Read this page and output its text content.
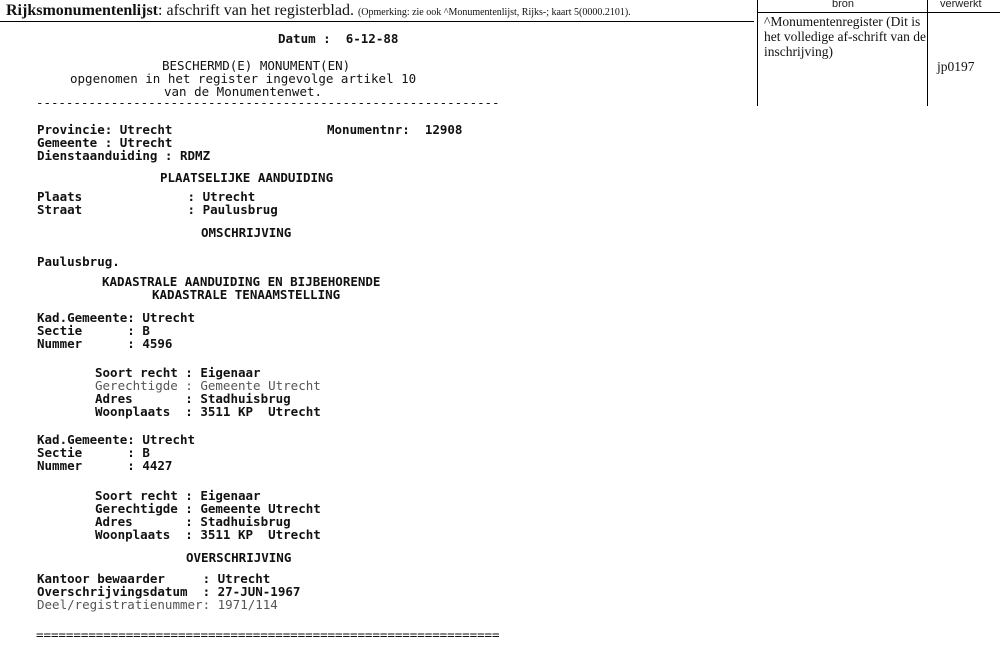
Rijksmonumentenlijst: afschrift van het registerblad. (Opmerking: zie ook ^Monumentenlijst, Rijks-; kaart 5(0000.2101).
bron	verwerkt
^Monumentenregister (Dit is het volledige af-schrift van de inschrijving)
jp0197
Datum :  6-12-88
BESCHERMD(E) MONUMENT(EN)
opgenomen in het register ingevolge artikel 10
van de Monumentenwet.
--------------------------------------------------------------
Provincie: Utrecht	Monumentnr:  12908
Gemeente : Utrecht
Dienstaanduiding : RDMZ
PLAATSELIJKE AANDUIDING
Plaats              : Utrecht
Straat              : Paulusbrug
OMSCHRIJVING
Paulusbrug.
KADASTRALE AANDUIDING EN BIJBEHORENDE
KADASTRALE TENAAMSTELLING
Kad.Gemeente: Utrecht
Sectie      : B
Nummer      : 4596
Soort recht : Eigenaar
Gerechtigde : Gemeente Utrecht
Adres       : Stadhuisbrug
Woonplaats  : 3511 KP  Utrecht
Kad.Gemeente: Utrecht
Sectie      : B
Nummer      : 4427
Soort recht : Eigenaar
Gerechtigde : Gemeente Utrecht
Adres       : Stadhuisbrug
Woonplaats  : 3511 KP  Utrecht
OVERSCHRIJVING
Kantoor bewaarder     : Utrecht
Overschrijvingsdatum  : 27-JUN-1967
Deel/registratienummer: 1971/114
==============================================================
